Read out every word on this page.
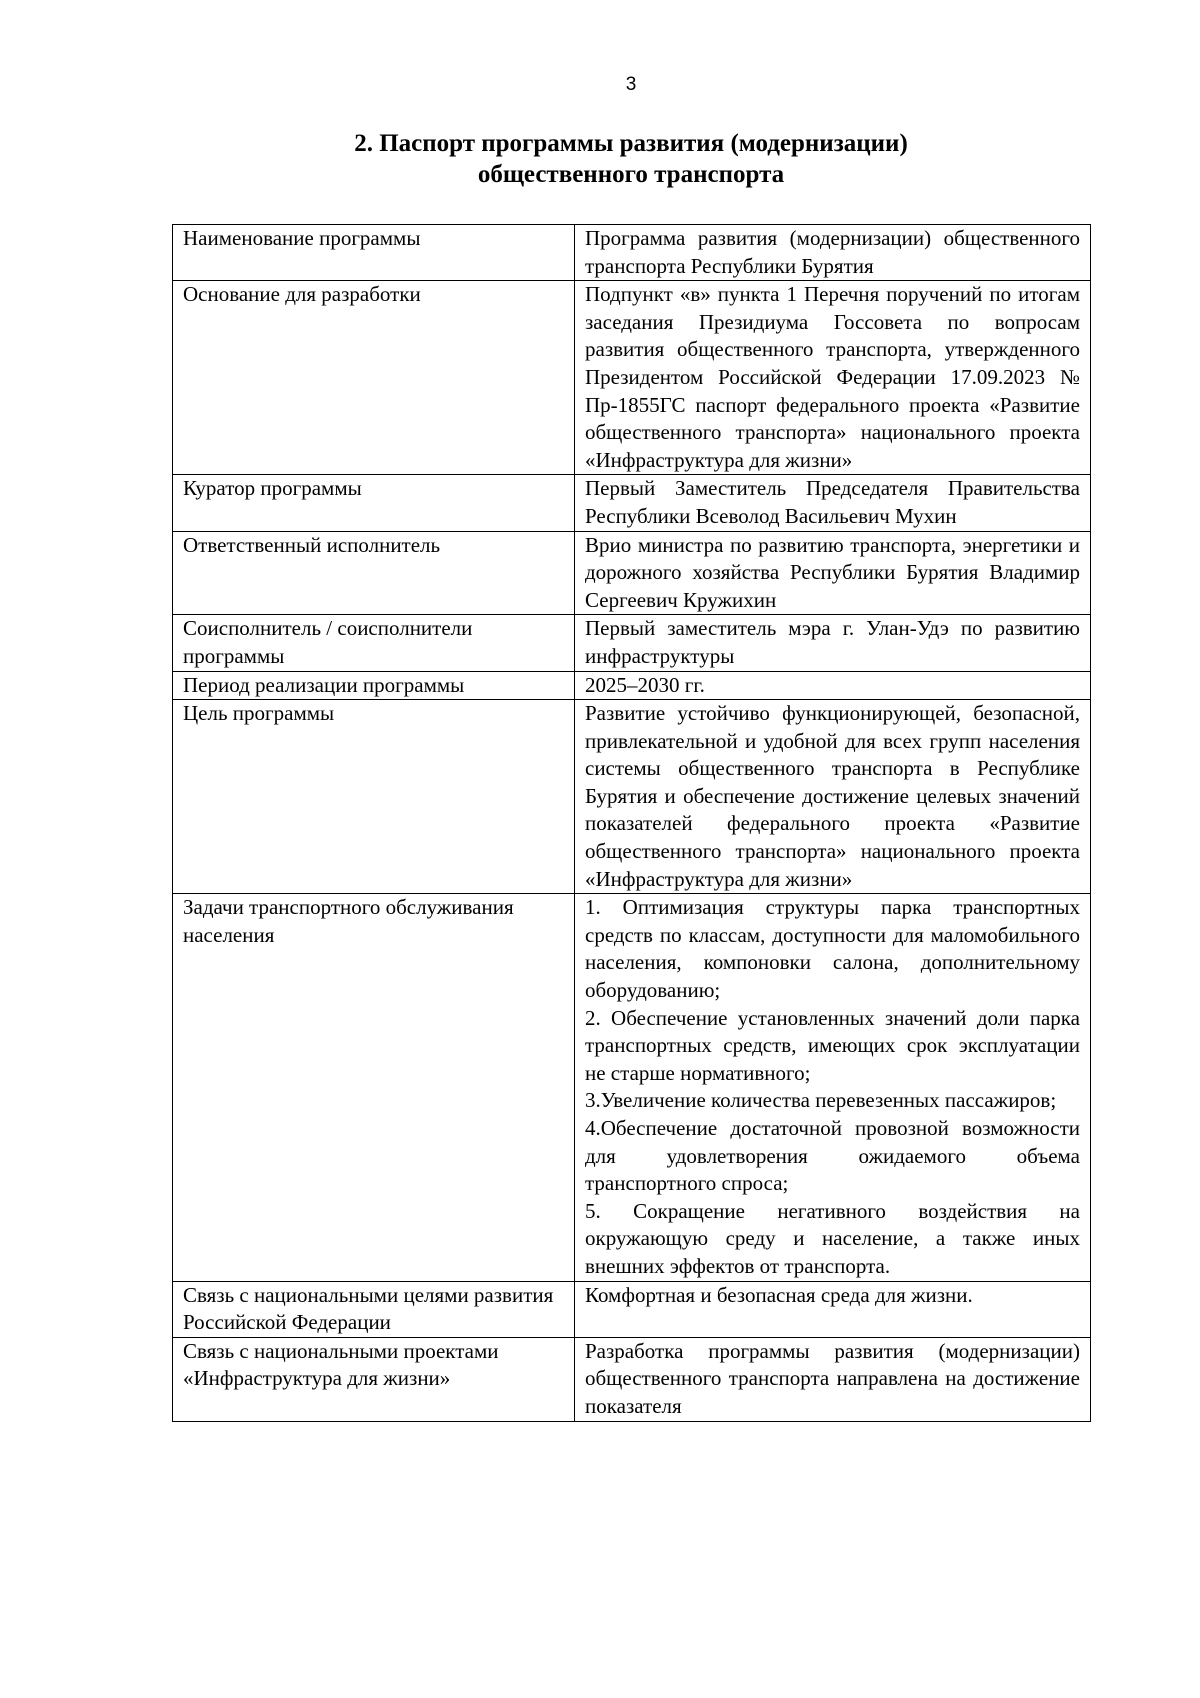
3
2. Паспорт программы развития (модернизации)
общественного транспорта
Наименование программы	Программа развития (модернизации) общественного транспорта Республики Бурятия
Основание для разработки	Подпункт «в» пункта 1 Перечня поручений по итогам заседания Президиума Госсовета по вопросам развития общественного транспорта, утвержденного Президентом Российской Федерации 17.09.2023 № Пр-1855ГС паспорт федерального проекта «Развитие общественного транспорта» национального проекта «Инфраструктура для жизни»
Куратор программы	Первый Заместитель Председателя Правительства Республики Всеволод Васильевич Мухин
Ответственный исполнитель	Врио министра по развитию транспорта, энергетики и дорожного хозяйства Республики Бурятия Владимир Сергеевич Кружихин
Соисполнитель / соисполнители программы	Первый заместитель мэра г. Улан-Удэ по развитию инфраструктуры
Период реализации программы	2025–2030 гг.
Цель программы	Развитие устойчиво функционирующей, безопасной, привлекательной и удобной для всех групп населения системы общественного транспорта в Республике Бурятия и обеспечение достижение целевых значений показателей федерального проекта «Развитие общественного транспорта» национального проекта «Инфраструктура для жизни»
Задачи транспортного обслуживания населения	1. Оптимизация структуры парка транспортных средств по классам, доступности для маломобильного населения, компоновки салона, дополнительному оборудованию;
2. Обеспечение установленных значений доли парка транспортных средств, имеющих срок эксплуатации не старше нормативного;
3.Увеличение количества перевезенных пассажиров;
4.Обеспечение достаточной провозной возможности для удовлетворения ожидаемого объема транспортного спроса;
5. Сокращение негативного воздействия на окружающую среду и население, а также иных внешних эффектов от транспорта.

Связь с национальными целями развития Российской Федерации	Комфортная и безопасная среда для жизни.
Связь с национальными проектами «Инфраструктура для жизни»	Разработка программы развития (модернизации) общественного транспорта направлена на достижение показателя
